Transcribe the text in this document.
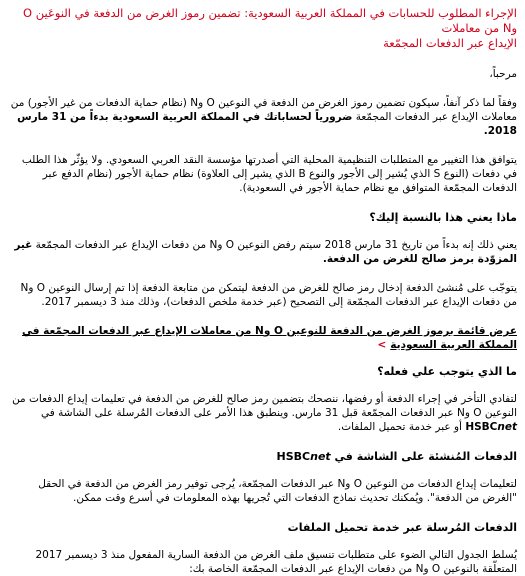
الإجراء المطلوب للحسابات في المملكة العربية السعودية: تضمين رموز الغرض من الدفعة في النوعَين O وN من معاملات
الإيداع عبر الدفعات المجمّعة

مرحباً،

وفقاً لما ذكر آنفاً، سيكون تضمين رموز الغرض من الدفعة في النوعين O وN (نظام حماية الدفعات من غير الأجور) من معاملات الإيداع عبر الدفعات المجمّعة ضرورياً لحساباتك في المملكة العربية السعودية بدءاً من 31 مارس 2018.

يتوافق هذا التغيير مع المتطلبات التنظيمية المحلية التي أصدرتها مؤسسة النقد العربي السعودي. ولا يؤثّر هذا الطلب في دفعات (النوع S الذي يُشير إلى الأجور والنوع B الذي يشير إلى العلاوة) نظام حماية الأجور (نظام الدفع عبر الدفعات المجمّعة المتوافق مع نظام حماية الأجور في السعودية).

ماذا يعني هذا بالنسبة إليك؟

يعني ذلك إنه بدءاً من تاريخ 31 مارس 2018 سيتم رفض النوعين O وN من دفعات الإيداع عبر الدفعات المجمّعة غير المزوّدة برمز صالح للغرض من الدفعة.

يتوجّب على مُنشئ الدفعة إدخال رمز صالح للغرض من الدفعة ليتمكن من متابعة الدفعة إذا تم إرسال النوعين O وN من دفعات الإيداع عبر الدفعات المجمّعة إلى التصحيح (عبر خدمة ملخص الدفعات)، وذلك منذ 3 ديسمبر 2017.

عرض قائمة برموز الغرض من الدفعة للنوعين O وN من معاملات الإيداع عبر الدفعات المجمّعة في المملكة العربية السعودية>
ما الذي يتوجب علي فعله؟

لتفادي التأخر في إجراء الدفعة أو رفضها، ننصحك بتضمين رمز صالح للغرض من الدفعة في تعليمات إيداع الدفعات من النوعين O وN عبر الدفعات المجمّعة قبل 31 مارس. وينطبق هذا الأمر على الدفعات المُرسلة على الشاشة في HSBCnet أو عبر خدمة تحميل الملفات.

الدفعات المُنشئة على الشاشة في HSBCnet

لتعليمات إيداع الدفعات من النوعين O وN عبر الدفعات المجمّعة، يُرجى توفير رمز الغرض من الدفعة في الحقل "الغرض من الدفعة". ويُمكنك تحديث نماذج الدفعات التي تُجريها بهذه المعلومات في أسرع وقت ممكن.

الدفعات المُرسلة عبر خدمة تحميل الملفات

يُسلط الجدول التالي الضوء على متطلبات تنسيق ملف الغرض من الدفعة السارية المفعول منذ 3 ديسمبر 2017 المتعلّقة بالنوعين O وN من دفعات الإيداع عبر الدفعات المجمّعة الخاصة بك:
